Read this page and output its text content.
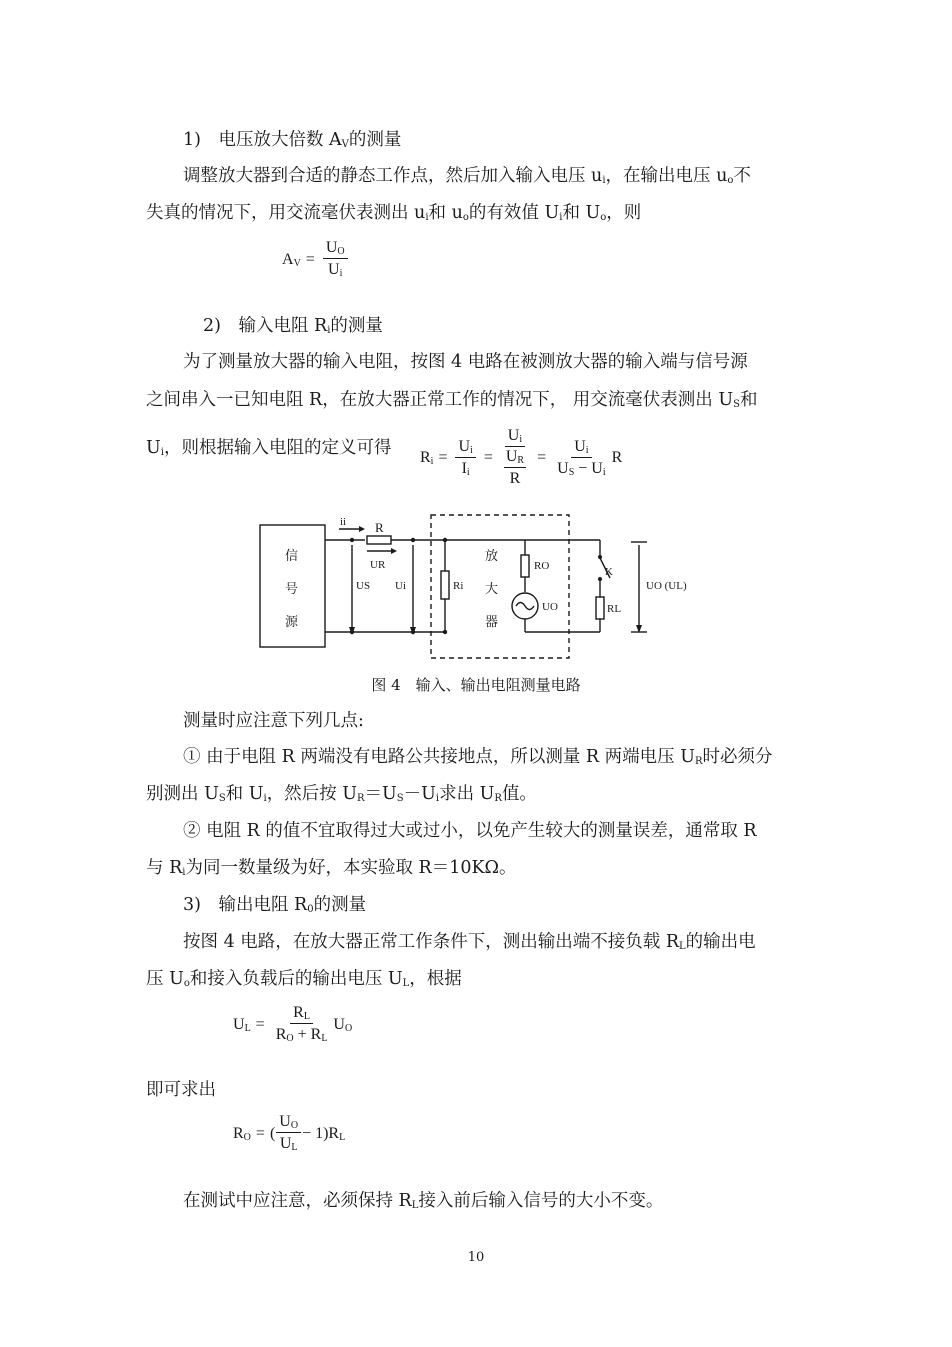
1)　电压放大倍数 $A_V$的测量
调整放大器到合适的静态工作点，然后加入输入电压 $u_i$，在输出电压 $u_o$不
失真的情况下，用交流毫伏表测出 $u_i$和 $u_o$的有效值 $U_i$和 $U_o$，则
$A_V = \frac{U_O}{U_i}$
2)　输入电阻 $R_i$的测量
为了测量放大器的输入电阻，按图 4 电路在被测放大器的输入端与信号源
之间串入一已知电阻 R，在放大器正常工作的情况下， 用交流毫伏表测出 $U_S$和
$U_i$，则根据输入电阻的定义可得 $R_i = \frac{U_i}{I_i} = U_i$
$U_R$
$R = \frac{U_i}{U_S - U_i}$ R
信
号
源
放
大
器
ii R
UR
US Ui	Ri
RO
UO
K
RL
UO (UL)
图 4　输入、输出电阻测量电路
测量时应注意下列几点:
① 由于电阻 R 两端没有电路公共接地点，所以测量 R 两端电压 $U_R$时必须分
别测出 $U_S$和 $U_i$，然后按 $U_R=U_S-U_i$求出 $U_R$值。
② 电阻 R 的值不宜取得过大或过小，以免产生较大的测量误差，通常取 R
与 $R_i$为同一数量级为好，本实验取 R＝10KΩ。
3)　输出电阻 $R_0$的测量
按图 4 电路，在放大器正常工作条件下，测出输出端不接负载 $R_L$的输出电
压 $U_o$和接入负载后的输出电压 $U_L$，根据
$U_L = \frac{R_L}{R_O + R_L} U_O$
即可求出
$R_O$ = ( $\frac{U_O}{U_L} - 1)R_L$
在测试中应注意，必须保持 $R_L$接入前后输入信号的大小不变。
10
